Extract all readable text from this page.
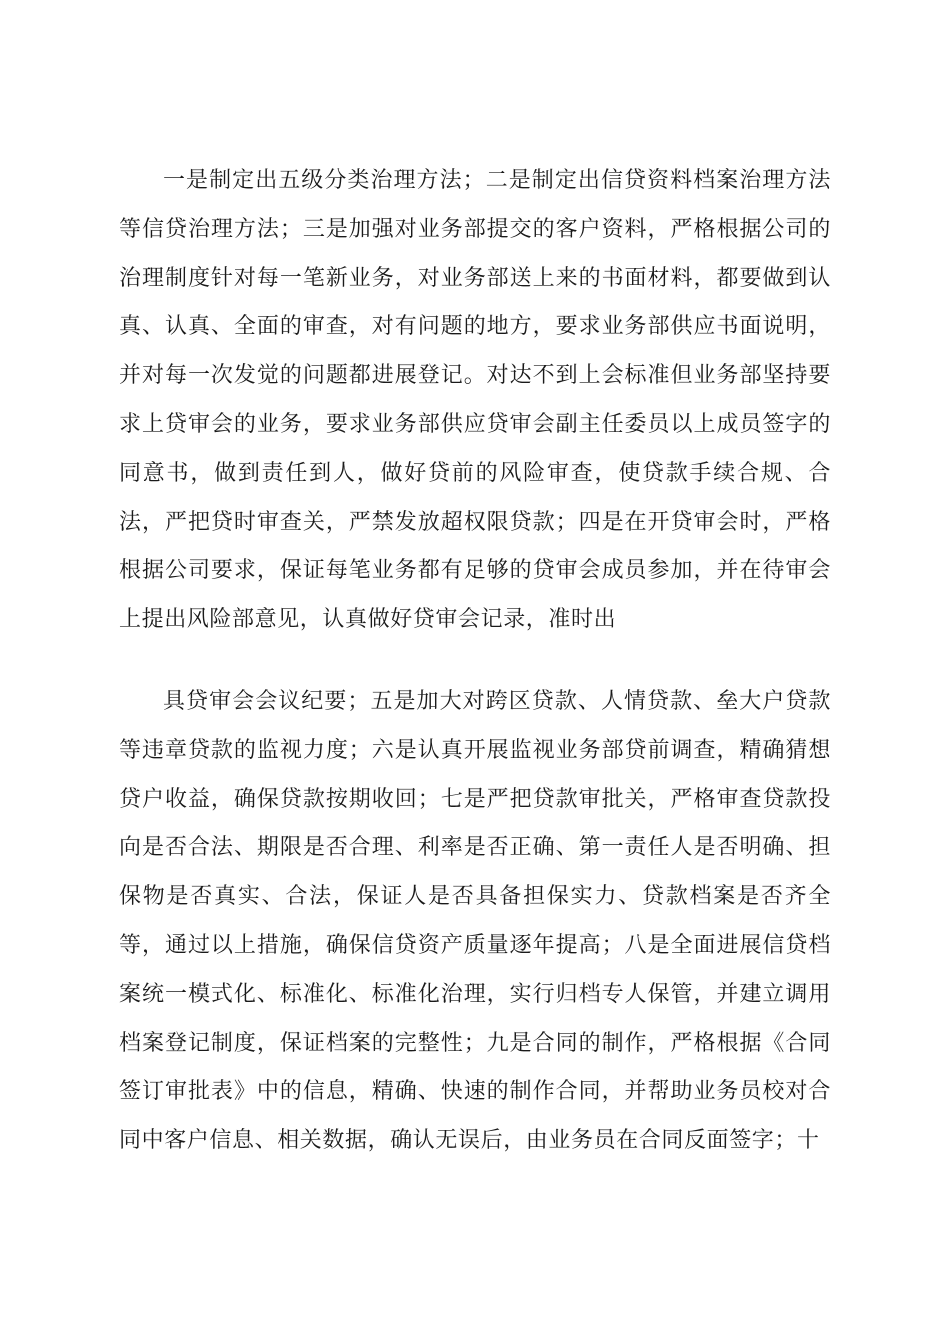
一是制定出五级分类治理方法；二是制定出信贷资料档案治理方法等信贷治理方法；三是加强对业务部提交的客户资料，严格根据公司的治理制度针对每一笔新业务，对业务部送上来的书面材料，都要做到认真、认真、全面的审查，对有问题的地方，要求业务部供应书面说明，并对每一次发觉的问题都进展登记。对达不到上会标准但业务部坚持要求上贷审会的业务，要求业务部供应贷审会副主任委员以上成员签字的同意书，做到责任到人，做好贷前的风险审查，使贷款手续合规、合法，严把贷时审查关，严禁发放超权限贷款；四是在开贷审会时，严格根据公司要求，保证每笔业务都有足够的贷审会成员参加，并在待审会上提出风险部意见，认真做好贷审会记录，准时出

具贷审会会议纪要；五是加大对跨区贷款、人情贷款、垒大户贷款等违章贷款的监视力度；六是认真开展监视业务部贷前调查，精确猜想贷户收益，确保贷款按期收回；七是严把贷款审批关，严格审查贷款投向是否合法、期限是否合理、利率是否正确、第一责任人是否明确、担保物是否真实、合法，保证人是否具备担保实力、贷款档案是否齐全等，通过以上措施，确保信贷资产质量逐年提高；八是全面进展信贷档案统一模式化、标准化、标准化治理，实行归档专人保管，并建立调用档案登记制度，保证档案的完整性；九是合同的制作，严格根据《合同签订审批表》中的信息，精确、快速的制作合同，并帮助业务员校对合同中客户信息、相关数据，确认无误后，由业务员在合同反面签字；十
